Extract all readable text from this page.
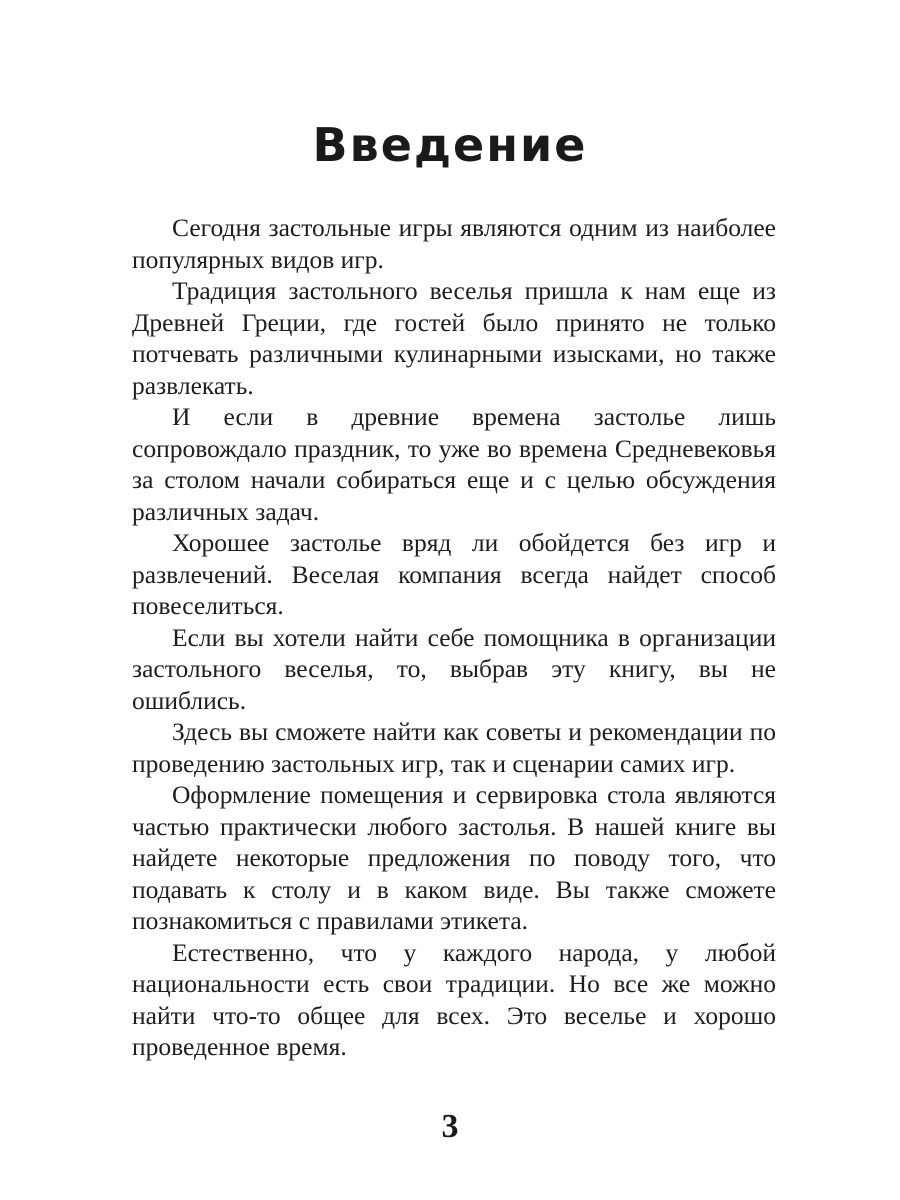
Введение

Сегодня застольные игры являются одним из наиболее популярных видов игр.

Традиция застольного веселья пришла к нам еще из Древней Греции, где гостей было принято не только потчевать различными кулинарными изысками, но также развлекать.

И если в древние времена застолье лишь сопровождало праздник, то уже во времена Средневековья за столом начали собираться еще и с целью обсуждения различных задач.

Хорошее застолье вряд ли обойдется без игр и развлечений. Веселая компания всегда найдет способ повеселиться.

Если вы хотели найти себе помощника в организации застольного веселья, то, выбрав эту книгу, вы не ошиблись.

Здесь вы сможете найти как советы и рекомендации по проведению застольных игр, так и сценарии самих игр.

Оформление помещения и сервировка стола являются частью практически любого застолья. В нашей книге вы найдете некоторые предложения по поводу того, что подавать к столу и в каком виде. Вы также сможете познакомиться с правилами этикета.

Естественно, что у каждого народа, у любой национальности есть свои традиции. Но все же можно найти что-то общее для всех. Это веселье и хорошо проведенное время.

3
